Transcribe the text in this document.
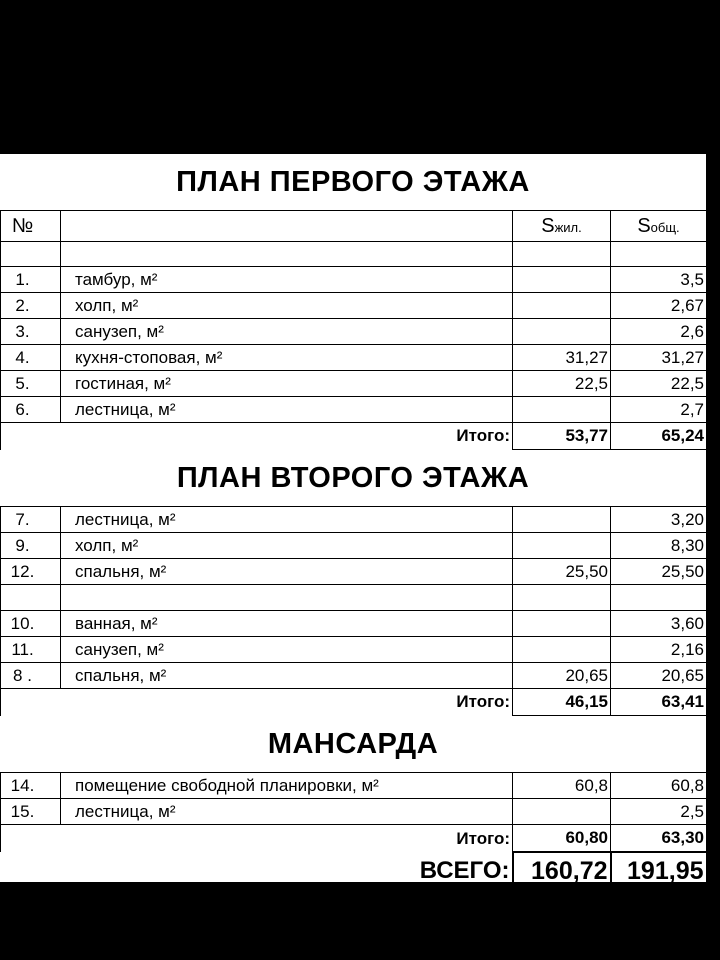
ПЛАН ПЕРВОГО ЭТАЖА
№		Sжил.	Sобщ.

1.	тамбур, м²		3,5
2.	холп, м²		2,67
3.	санузеп, м²		2,6
4.	кухня-стоповая, м²	31,27	31,27
5.	гостиная, м²	22,5	22,5
6.	лестница, м²		2,7
	Итого:	53,77	65,24
ПЛАН ВТОРОГО ЭТАЖА
7.	лестница, м²		3,20
9.	холп, м²		8,30
12.	спальня, м²	25,50	25,50

10.	ванная, м²		3,60
11.	санузеп, м²		2,16
8 .	спальня, м²	20,65	20,65
	Итого:	46,15	63,41
МАНСАРДА
14.	помещение свободной планировки, м²	60,8	60,8
15.	лестница, м²		2,5
	Итого:	60,80	63,30
	ВСЕГО:	160,72	191,95
